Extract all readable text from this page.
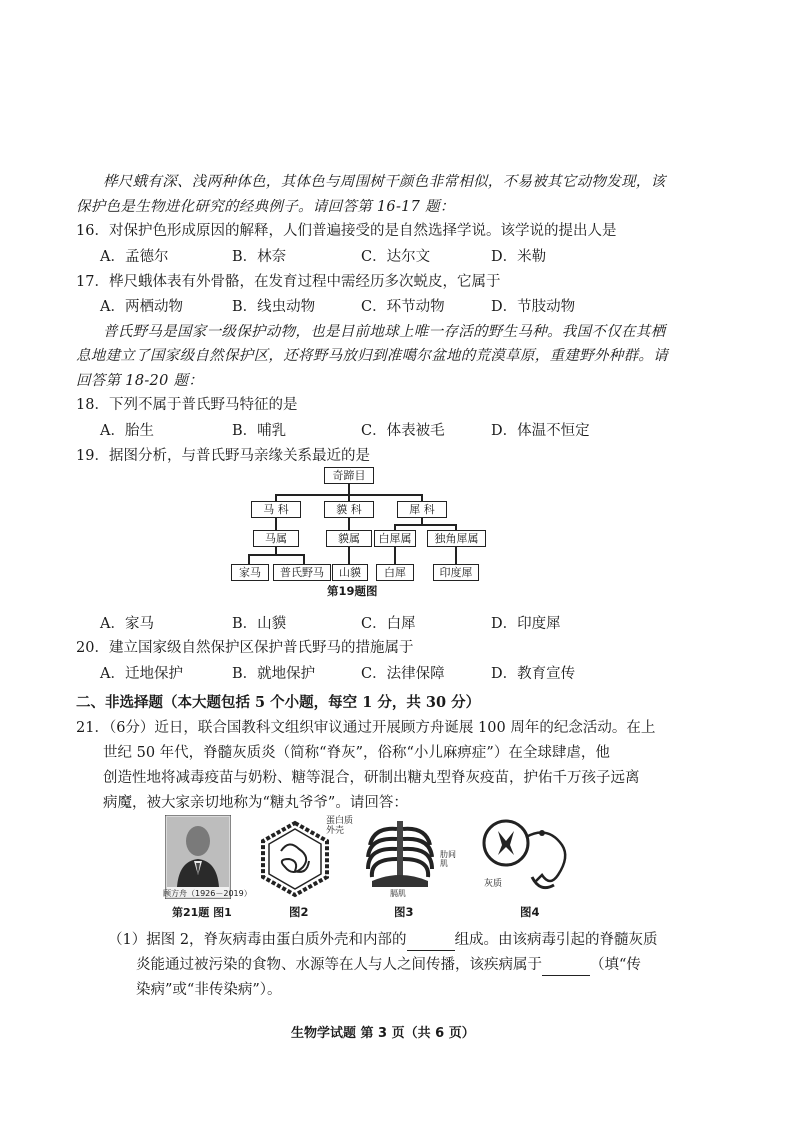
桦尺蛾有深、浅两种体色，其体色与周围树干颜色非常相似，不易被其它动物发现，该
保护色是生物进化研究的经典例子。请回答第 16-17 题：
16．对保护色形成原因的解释，人们普遍接受的是自然选择学说。该学说的提出人是
A．孟德尔	B．林奈	C．达尔文	D．米勒
17．桦尺蛾体表有外骨骼，在发育过程中需经历多次蜕皮，它属于
A．两栖动物	B．线虫动物	C．环节动物	D．节肢动物
普氏野马是国家一级保护动物，也是目前地球上唯一存活的野生马种。我国不仅在其栖
息地建立了国家级自然保护区，还将野马放归到准噶尔盆地的荒漠草原，重建野外种群。请
回答第 18-20 题：
18．下列不属于普氏野马特征的是
A．胎生	B．哺乳	C．体表被毛	D．体温不恒定
19．据图分析，与普氏野马亲缘关系最近的是
奇蹄目
马 科	貘 科	犀 科
马属	貘属	白犀属	独角犀属
家马	普氏野马	山貘	白犀	印度犀
第19题图
A．家马	B．山貘	C．白犀	D．印度犀
20．建立国家级自然保护区保护普氏野马的措施属于
A．迁地保护	B．就地保护	C．法律保障	D．教育宣传
二、非选择题（本大题包括 5 个小题，每空 1 分，共 30 分）
21．（6分）近日，联合国教科文组织审议通过开展顾方舟诞展 100 周年的纪念活动。在上
世纪 50 年代，脊髓灰质炎（简称“脊灰”，俗称“小儿麻痹症”）在全球肆虐，他
创造性地将减毒疫苗与奶粉、糖等混合，研制出糖丸型脊灰疫苗，护佑千万孩子远离
病魔，被大家亲切地称为“糖丸爷爷”。请回答：
顾方舟（1926－2019）
第21题 图1
蛋白质外壳
图2
肋间肌
膈肌
图3
灰质
图4
（1）据图 2，脊灰病毒由蛋白质外壳和内部的	组成。由该病毒引起的脊髓灰质
炎能通过被污染的食物、水源等在人与人之间传播，该疾病属于	（填“传
染病”或“非传染病”）。
生物学试题 第 3 页（共 6 页）
